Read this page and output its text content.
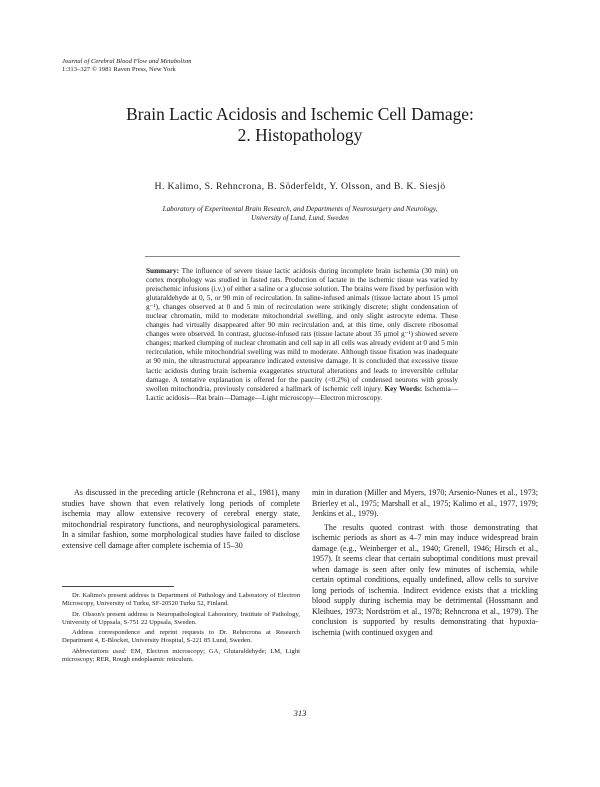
Journal of Cerebral Blood Flow and Metabolism
1:313–327 © 1981 Raven Press, New York
Brain Lactic Acidosis and Ischemic Cell Damage:
2. Histopathology
H. Kalimo, S. Rehncrona, B. Söderfeldt, Y. Olsson, and B. K. Siesjö
Laboratory of Experimental Brain Research, and Departments of Neurosurgery and Neurology,
University of Lund, Lund, Sweden
Summary: The influence of severe tissue lactic acidosis during incomplete brain ischemia (30 min) on cortex morphology was studied in fasted rats. Production of lactate in the ischemic tissue was varied by preischemic infusions (i.v.) of either a saline or a glucose solution. The brains were fixed by perfusion with glutaraldehyde at 0, 5, or 90 min of recirculation. In saline-infused animals (tissue lactate about 15 µmol g⁻¹), changes observed at 0 and 5 min of recirculation were strikingly discrete; slight condensation of nuclear chromatin, mild to moderate mitochondrial swelling, and only slight astrocyte edema. These changes had virtually disappeared after 90 min recirculation and, at this time, only discrete ribosomal changes were observed. In contrast, glucose-infused rats (tissue lactate about 35 µmol g⁻¹) showed severe changes; marked clumping of nuclear chromatin and cell sap in all cells was already evident at 0 and 5 min recirculation, while mitochondrial swelling was mild to moderate. Although tissue fixation was inadequate at 90 min, the ultrastructural appearance indicated extensive damage. It is concluded that excessive tissue lactic acidosis during brain ischemia exaggerates structural alterations and leads to irreversible cellular damage. A tentative explanation is offered for the paucity (<0.2%) of condensed neurons with grossly swollen mitochondria, previously considered a hallmark of ischemic cell injury. Key Words: Ischemia—Lactic acidosis—Rat brain—Damage—Light microscopy—Electron microscopy.

As discussed in the preceding article (Rehncrona et al., 1981), many studies have shown that even relatively long periods of complete ischemia may allow extensive recovery of cerebral energy state, mitochondrial respiratory functions, and neurophysiological parameters. In a similar fashion, some morphological studies have failed to disclose extensive cell damage after complete ischemia of 15–30

min in duration (Miller and Myers, 1970; Arsenio-Nunes et al., 1973; Brierley et al., 1975; Marshall et al., 1975; Kalimo et al., 1977, 1979; Jenkins et al., 1979).

The results quoted contrast with those demonstrating that ischemic periods as short as 4–7 min may induce widespread brain damage (e.g., Weinberger et al., 1940; Grenell, 1946; Hirsch et al., 1957). It seems clear that certain suboptimal conditions must prevail when damage is seen after only few minutes of ischemia, while certain optimal conditions, equally undefined, allow cells to survive long periods of ischemia. Indirect evidence exists that a trickling blood supply during ischemia may be detrimental (Hossmann and Kleihues, 1973; Nordström et al., 1978; Rehncrona et al., 1979). The conclusion is supported by results demonstrating that hypoxia-ischemia (with continued oxygen and

Dr. Kalimo's present address is Department of Pathology and Laboratory of Electron Microscopy, University of Turku, SF-20520 Turku 52, Finland.

Dr. Olsson's present address is Neuropathological Laboratory, Institute of Pathology, University of Uppsala, S-751 22 Uppsala, Sweden.

Address correspondence and reprint requests to Dr. Rehncrona at Research Department 4, E-Blocket, University Hospital, S-221 85 Lund, Sweden.

Abbreviations used: EM, Electron microscopy; GA, Glutaraldehyde; LM, Light microscopy; RER, Rough endoplasmic reticulum.

313
